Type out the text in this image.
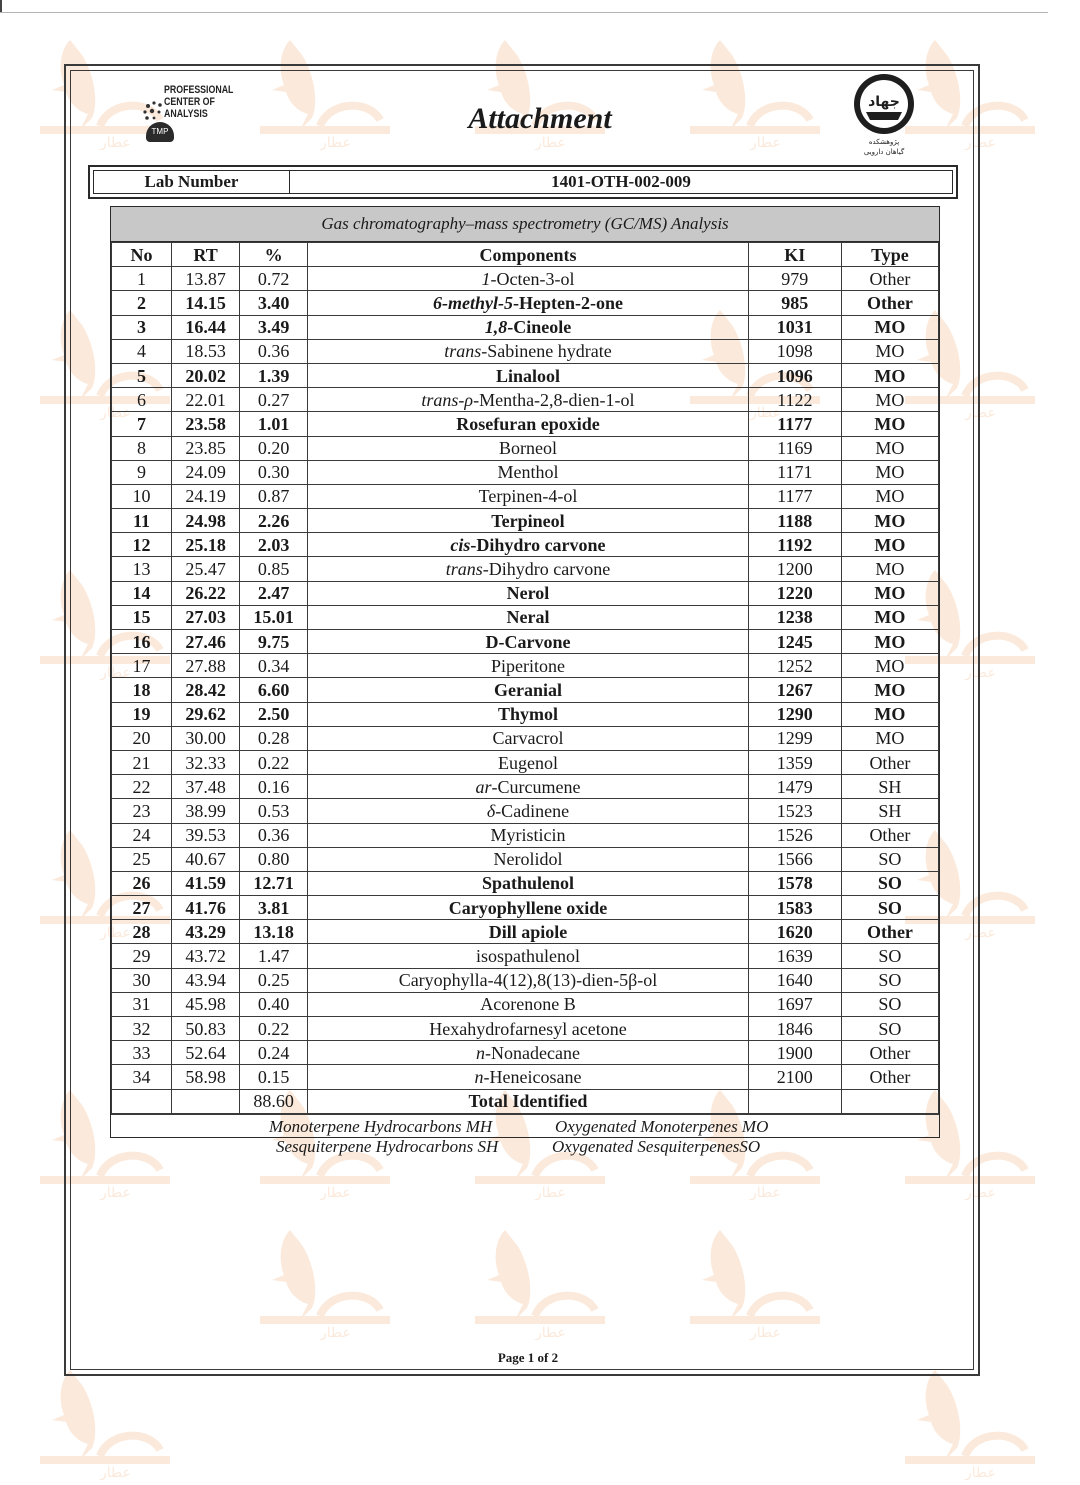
عطار	عطار	عطار	عطار	عطار
عطار	عطار	عطار
عطار	عطار
عطار	عطار
عطار	عطار	عطار	عطار	عطار
عطار	عطار	عطار
عطار	عطار
PROFESSIONAL
CENTER OF
ANALYSIS
TMP	Attachment	جهاد
پژوهشکده
گیاهان دارویی
Lab Number	1401-OTH-002-009
Gas chromatography–mass spectrometry (GC/MS) Analysis
No	RT	%	Components	KI	Type
1	13.87	0.72	1-Octen-3-ol	979	Other
2	14.15	3.40	6-methyl-5-Hepten-2-one	985	Other
3	16.44	3.49	1,8-Cineole	1031	MO
4	18.53	0.36	trans-Sabinene hydrate	1098	MO
5	20.02	1.39	Linalool	1096	MO
6	22.01	0.27	trans-ρ-Mentha-2,8-dien-1-ol	1122	MO
7	23.58	1.01	Rosefuran epoxide	1177	MO
8	23.85	0.20	Borneol	1169	MO
9	24.09	0.30	Menthol	1171	MO
10	24.19	0.87	Terpinen-4-ol	1177	MO
11	24.98	2.26	Terpineol	1188	MO
12	25.18	2.03	cis-Dihydro carvone	1192	MO
13	25.47	0.85	trans-Dihydro carvone	1200	MO
14	26.22	2.47	Nerol	1220	MO
15	27.03	15.01	Neral	1238	MO
16	27.46	9.75	D-Carvone	1245	MO
17	27.88	0.34	Piperitone	1252	MO
18	28.42	6.60	Geranial	1267	MO
19	29.62	2.50	Thymol	1290	MO
20	30.00	0.28	Carvacrol	1299	MO
21	32.33	0.22	Eugenol	1359	Other
22	37.48	0.16	ar-Curcumene	1479	SH
23	38.99	0.53	δ-Cadinene	1523	SH
24	39.53	0.36	Myristicin	1526	Other
25	40.67	0.80	Nerolidol	1566	SO
26	41.59	12.71	Spathulenol	1578	SO
27	41.76	3.81	Caryophyllene oxide	1583	SO
28	43.29	13.18	Dill apiole	1620	Other
29	43.72	1.47	isospathulenol	1639	SO
30	43.94	0.25	Caryophylla-4(12),8(13)-dien-5β-ol	1640	SO
31	45.98	0.40	Acorenone B	1697	SO
32	50.83	0.22	Hexahydrofarnesyl acetone	1846	SO
33	52.64	0.24	n-Nonadecane	1900	Other
34	58.98	0.15	n-Heneicosane	2100	Other
		88.60	Total Identified		
Monoterpene Hydrocarbons MH	Oxygenated Monoterpenes MO
Sesquiterpene Hydrocarbons SH	Oxygenated SesquiterpenesSO
Page 1 of 2
